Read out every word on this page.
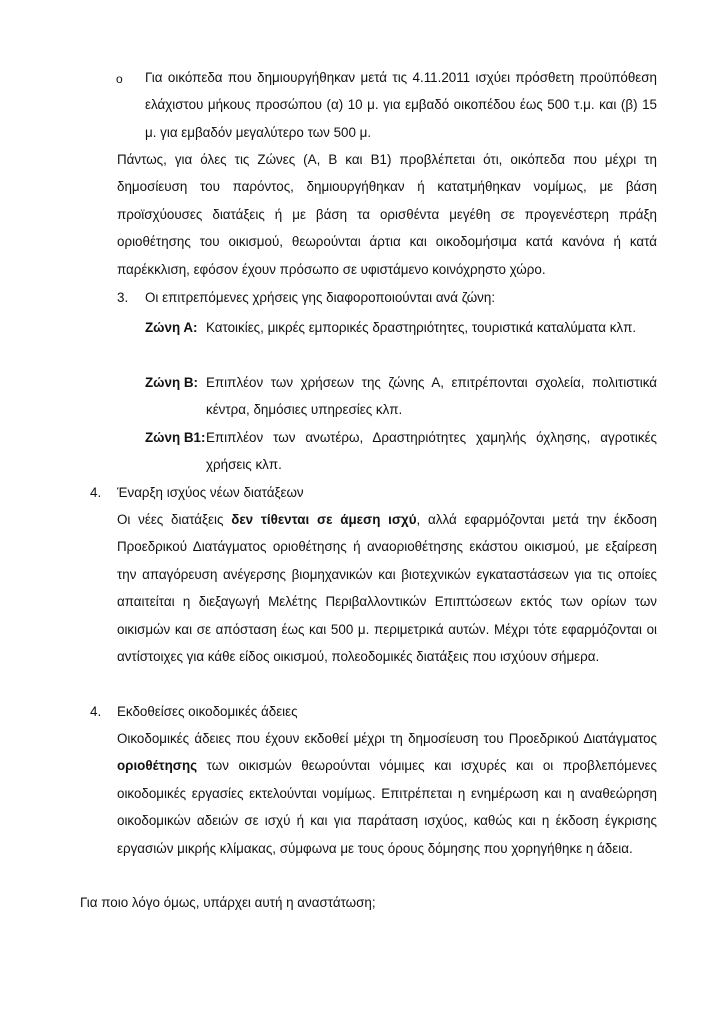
o Για οικόπεδα που δημιουργήθηκαν μετά τις 4.11.2011 ισχύει πρόσθετη προϋπόθεση ελάχιστου μήκους προσώπου (α) 10 μ. για εμβαδό οικοπέδου έως 500 τ.μ. και (β) 15 μ. για εμβαδόν μεγαλύτερο των 500 μ.
Πάντως, για όλες τις Ζώνες (Α, Β και Β1) προβλέπεται ότι, οικόπεδα που μέχρι τη δημοσίευση του παρόντος, δημιουργήθηκαν ή κατατμήθηκαν νομίμως, με βάση προϊσχύουσες διατάξεις ή με βάση τα ορισθέντα μεγέθη σε προγενέστερη πράξη οριοθέτησης του οικισμού, θεωρούνται άρτια και οικοδομήσιμα κατά κανόνα ή κατά παρέκκλιση, εφόσον έχουν πρόσωπο σε υφιστάμενο κοινόχρηστο χώρο.
3. Οι επιτρεπόμενες χρήσεις γης διαφοροποιούνται ανά ζώνη:
Ζώνη Α: Κατοικίες, μικρές εμπορικές δραστηριότητες, τουριστικά καταλύματα κλπ.
Ζώνη Β: Επιπλέον των χρήσεων της ζώνης Α, επιτρέπονται σχολεία, πολιτιστικά κέντρα, δημόσιες υπηρεσίες κλπ.
Ζώνη Β1: Επιπλέον των ανωτέρω, Δραστηριότητες χαμηλής όχλησης, αγροτικές χρήσεις κλπ.
4. Έναρξη ισχύος νέων διατάξεων
Οι νέες διατάξεις δεν τίθενται σε άμεση ισχύ, αλλά εφαρμόζονται μετά την έκδοση Προεδρικού Διατάγματος οριοθέτησης ή αναοριοθέτησης εκάστου οικισμού, με εξαίρεση την απαγόρευση ανέγερσης βιομηχανικών και βιοτεχνικών εγκαταστάσεων για τις οποίες απαιτείται η διεξαγωγή Μελέτης Περιβαλλοντικών Επιπτώσεων εκτός των ορίων των οικισμών και σε απόσταση έως και 500 μ. περιμετρικά αυτών. Μέχρι τότε εφαρμόζονται οι αντίστοιχες για κάθε είδος οικισμού, πολεοδομικές διατάξεις που ισχύουν σήμερα.
4. Εκδοθείσες οικοδομικές άδειες
Οικοδομικές άδειες που έχουν εκδοθεί μέχρι τη δημοσίευση του Προεδρικού Διατάγματος οριοθέτησης των οικισμών θεωρούνται νόμιμες και ισχυρές και οι προβλεπόμενες οικοδομικές εργασίες εκτελούνται νομίμως. Επιτρέπεται η ενημέρωση και η αναθεώρηση οικοδομικών αδειών σε ισχύ ή και για παράταση ισχύος, καθώς και η έκδοση έγκρισης εργασιών μικρής κλίμακας, σύμφωνα με τους όρους δόμησης που χορηγήθηκε η άδεια.
Για ποιο λόγο όμως, υπάρχει αυτή η αναστάτωση;
